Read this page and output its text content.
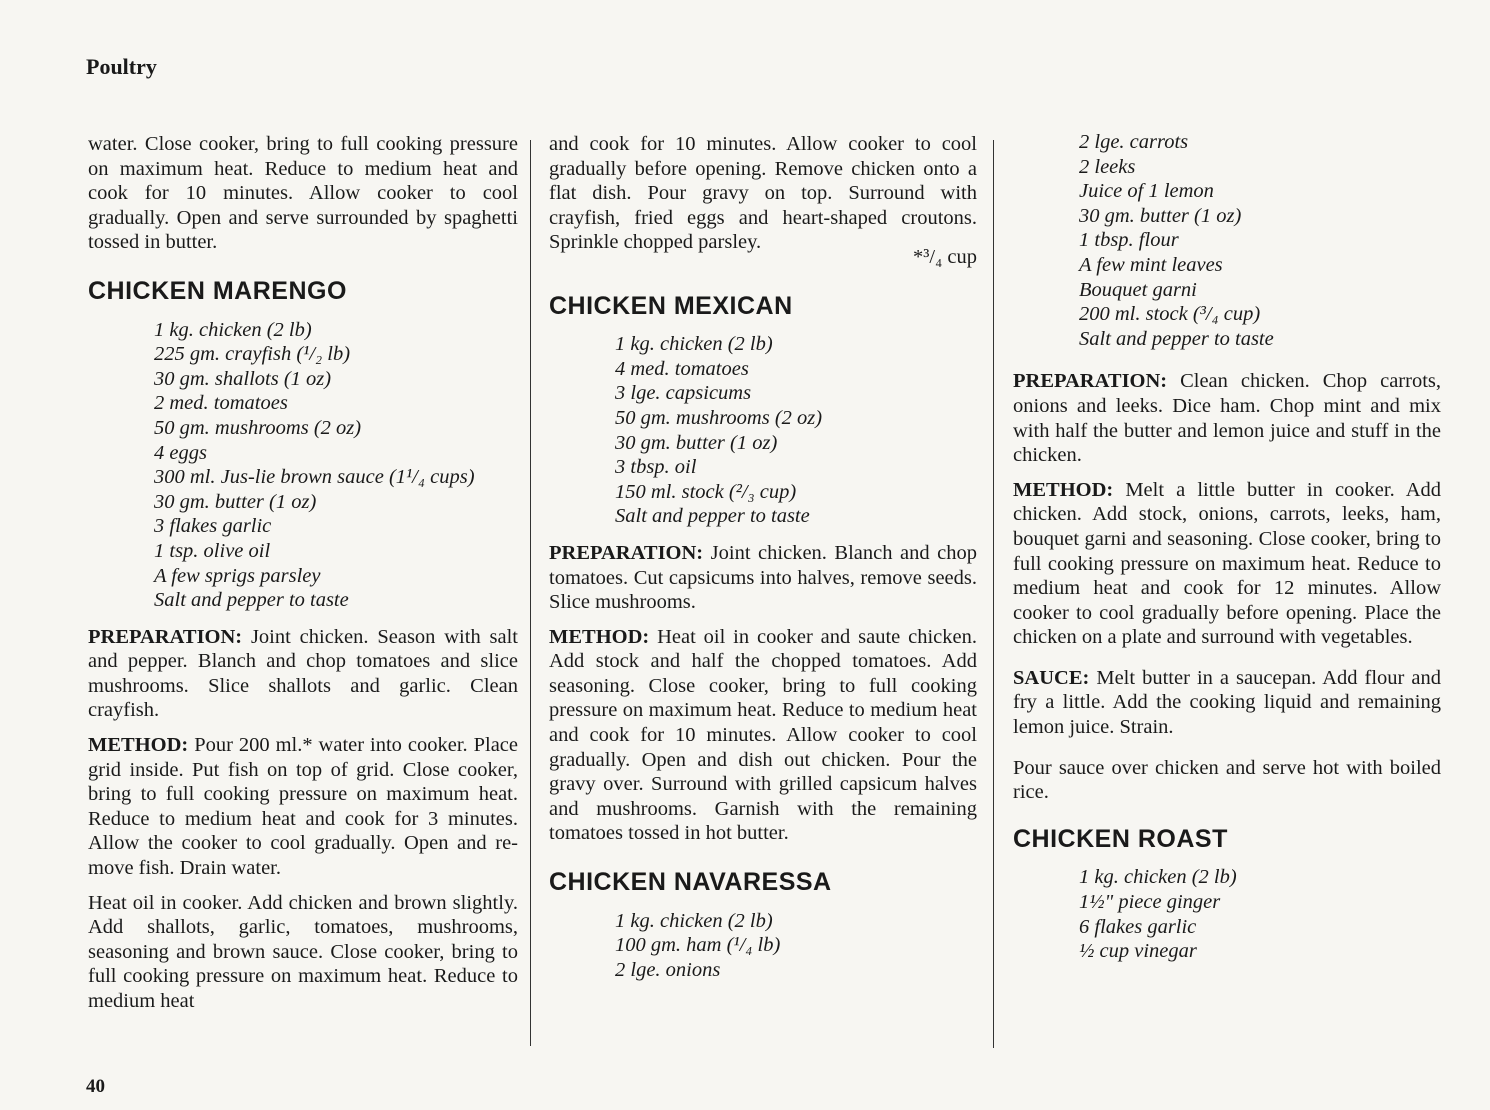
Poultry

water. Close cooker, bring to full cooking pressure on maximum heat. Reduce to medium heat and cook for 10 minutes. Allow cooker to cool gradually. Open and serve surrounded by spaghetti tossed in butter.

CHICKEN MARENGO
1 kg. chicken (2 lb)
225 gm. crayfish (¹/₂ lb)
30 gm. shallots (1 oz)
2 med. tomatoes
50 gm. mushrooms (2 oz)
4 eggs
300 ml. Jus-lie brown sauce (1¹/₄ cups)
30 gm. butter (1 oz)
3 flakes garlic
1 tsp. olive oil
A few sprigs parsley
Salt and pepper to taste

PREPARATION: Joint chicken. Season with salt and pepper. Blanch and chop tomatoes and slice mushrooms. Slice shallots and garlic. Clean crayfish.

METHOD: Pour 200 ml.* water into cooker. Place grid inside. Put fish on top of grid. Close cooker, bring to full cooking pressure on maximum heat. Reduce to medium heat and cook for 3 minutes. Allow the cooker to cool gradually. Open and re-move fish. Drain water.

Heat oil in cooker. Add chicken and brown slightly. Add shallots, garlic, tomatoes, mushrooms, seasoning and brown sauce. Close cooker, bring to full cooking pressure on maximum heat. Reduce to medium heat

and cook for 10 minutes. Allow cooker to cool gradually before opening. Remove chicken onto a flat dish. Pour gravy on top. Surround with crayfish, fried eggs and heart-shaped croutons. Sprinkle chopped parsley.

*³/₄ cup

CHICKEN MEXICAN
1 kg. chicken (2 lb)
4 med. tomatoes
3 lge. capsicums
50 gm. mushrooms (2 oz)
30 gm. butter (1 oz)
3 tbsp. oil
150 ml. stock (²/₃ cup)
Salt and pepper to taste

PREPARATION: Joint chicken. Blanch and chop tomatoes. Cut capsicums into halves, remove seeds. Slice mushrooms.

METHOD: Heat oil in cooker and saute chicken. Add stock and half the chopped tomatoes. Add seasoning. Close cooker, bring to full cooking pressure on maximum heat. Reduce to medium heat and cook for 10 minutes. Allow cooker to cool gradually. Open and dish out chicken. Pour the gravy over. Surround with grilled capsicum halves and mushrooms. Garnish with the remaining tomatoes tossed in hot butter.

CHICKEN NAVARESSA
1 kg. chicken (2 lb)
100 gm. ham (¹/₄ lb)
2 lge. onions
2 lge. carrots
2 leeks
Juice of 1 lemon
30 gm. butter (1 oz)
1 tbsp. flour
A few mint leaves
Bouquet garni
200 ml. stock (³/₄ cup)
Salt and pepper to taste

PREPARATION: Clean chicken. Chop carrots, onions and leeks. Dice ham. Chop mint and mix with half the butter and lemon juice and stuff in the chicken.

METHOD: Melt a little butter in cooker. Add chicken. Add stock, onions, carrots, leeks, ham, bouquet garni and seasoning. Close cooker, bring to full cooking pressure on maximum heat. Reduce to medium heat and cook for 12 minutes. Allow cooker to cool gradually before opening. Place the chicken on a plate and surround with vegetables.

SAUCE: Melt butter in a saucepan. Add flour and fry a little. Add the cooking liquid and remaining lemon juice. Strain.

Pour sauce over chicken and serve hot with boiled rice.

CHICKEN ROAST
1 kg. chicken (2 lb)
1½" piece ginger
6 flakes garlic
½ cup vinegar
40
